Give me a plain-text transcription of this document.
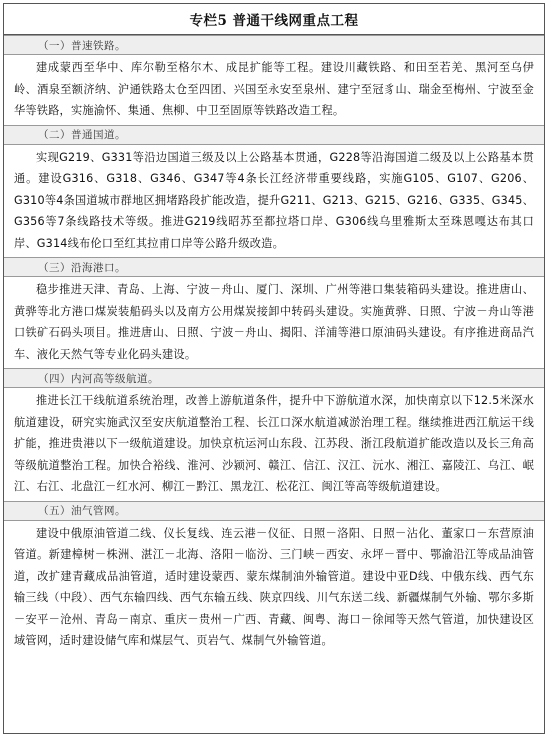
专栏5 普通干线网重点工程
（一）普速铁路。
建成蒙西至华中、库尔勒至格尔木、成昆扩能等工程。建设川藏铁路、和田至若羌、黑河至乌伊岭、酒泉至额济纳、沪通铁路太仓至四团、兴国至永安至泉州、建宁至冠豸山、瑞金至梅州、宁波至金华等铁路，实施渝怀、集通、焦柳、中卫至固原等铁路改造工程。
（二）普通国道。
实现G219、G331等沿边国道三级及以上公路基本贯通，G228等沿海国道二级及以上公路基本贯通。建设G316、G318、G346、G347等4条长江经济带重要线路，实施G105、G107、G206、G310等4条国道城市群地区拥堵路段扩能改造，提升G211、G213、G215、G216、G335、G345、G356等7条线路技术等级。推进G219线昭苏至都拉塔口岸、G306线乌里雅斯太至珠恩嘎达布其口岸、G314线布伦口至红其拉甫口岸等公路升级改造。
（三）沿海港口。
稳步推进天津、青岛、上海、宁波－舟山、厦门、深圳、广州等港口集装箱码头建设。推进唐山、黄骅等北方港口煤炭装船码头以及南方公用煤炭接卸中转码头建设。实施黄骅、日照、宁波－舟山等港口铁矿石码头项目。推进唐山、日照、宁波－舟山、揭阳、洋浦等港口原油码头建设。有序推进商品汽车、液化天然气等专业化码头建设。
（四）内河高等级航道。
推进长江干线航道系统治理，改善上游航道条件，提升中下游航道水深，加快南京以下12.5米深水航道建设，研究实施武汉至安庆航道整治工程、长江口深水航道减淤治理工程。继续推进西江航运干线扩能，推进贵港以下一级航道建设。加快京杭运河山东段、江苏段、浙江段航道扩能改造以及长三角高等级航道整治工程。加快合裕线、淮河、沙颍河、赣江、信江、汉江、沅水、湘江、嘉陵江、乌江、岷江、右江、北盘江－红水河、柳江－黔江、黑龙江、松花江、闽江等高等级航道建设。
（五）油气管网。
建设中俄原油管道二线、仪长复线、连云港－仪征、日照－洛阳、日照－沾化、董家口－东营原油管道。新建樟树－株洲、湛江－北海、洛阳－临汾、三门峡－西安、永坪－晋中、鄂渝沿江等成品油管道，改扩建青藏成品油管道，适时建设蒙西、蒙东煤制油外输管道。建设中亚D线、中俄东线、西气东输三线（中段）、西气东输四线、西气东输五线、陕京四线、川气东送二线、新疆煤制气外输、鄂尔多斯－安平－沧州、青岛－南京、重庆－贵州－广西、青藏、闽粤、海口－徐闻等天然气管道，加快建设区域管网，适时建设储气库和煤层气、页岩气、煤制气外输管道。
